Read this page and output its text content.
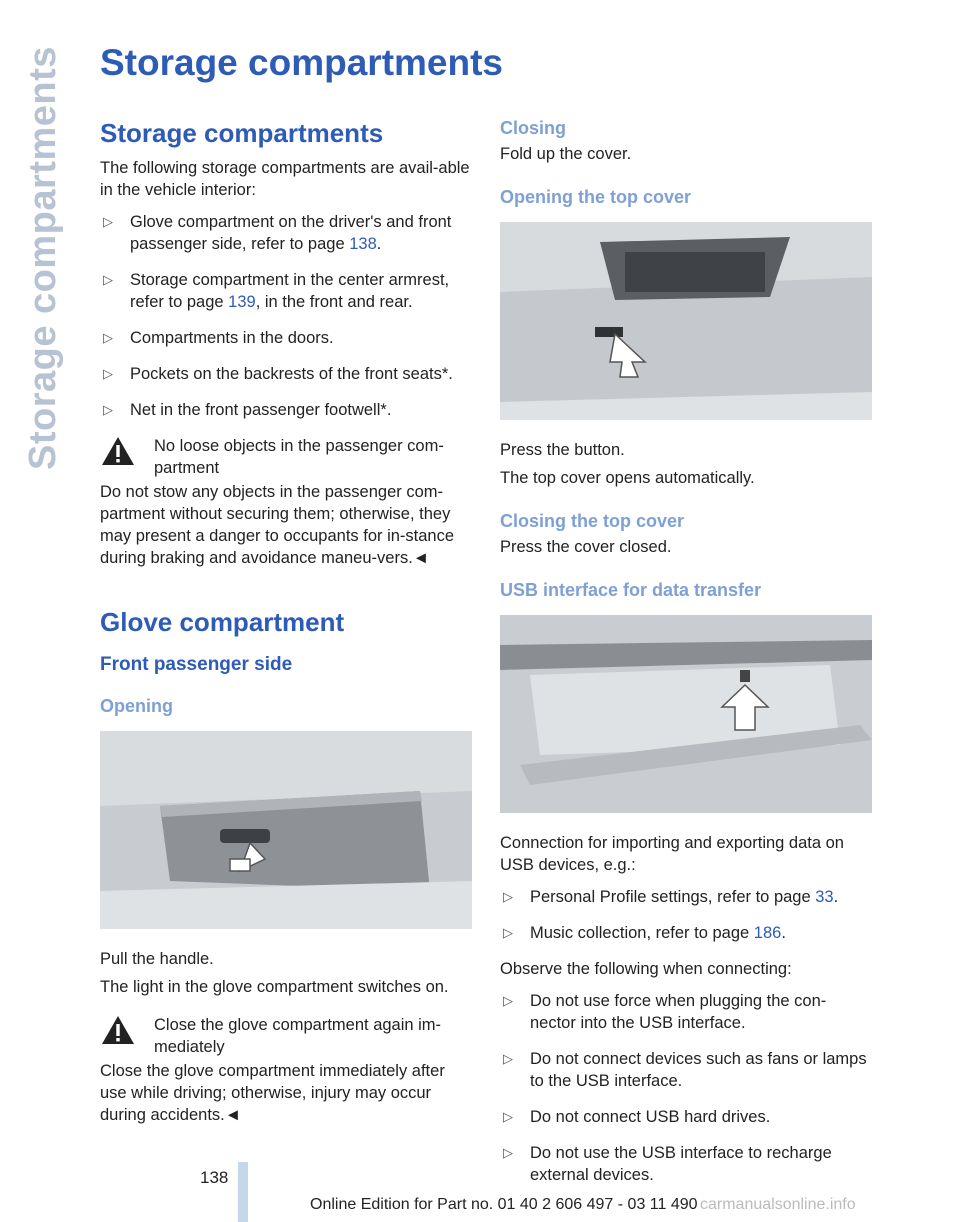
Storage compartments Storage compartments
Storage compartments

The following storage compartments are avail-able in the vehicle interior:

▷ Glove compartment on the driver's and front passenger side, refer to page 138.
▷ Storage compartment in the center armrest, refer to page 139, in the front and rear.
▷ Compartments in the doors.
▷ Pockets on the backrests of the front seats*.
▷ Net in the front passenger footwell*.
No loose objects in the passenger com-partment

Do not stow any objects in the passenger com-partment without securing them; otherwise, they may present a danger to occupants for in-stance during braking and avoidance maneu-vers.◄

Glove compartment
Front passenger side
Opening

Pull the handle.

The light in the glove compartment switches on.

Close the glove compartment again im-mediately

Close the glove compartment immediately after use while driving; otherwise, injury may occur during accidents.◄

Closing

Fold up the cover.

Opening the top cover

Press the button.

The top cover opens automatically.

Closing the top cover

Press the cover closed.

USB interface for data transfer

Connection for importing and exporting data on USB devices, e.g.:

▷ Personal Profile settings, refer to page 33.
▷ Music collection, refer to page 186.

Observe the following when connecting:

▷ Do not use force when plugging the con-nector into the USB interface.
▷ Do not connect devices such as fans or lamps to the USB interface.
▷ Do not connect USB hard drives.
▷ Do not use the USB interface to recharge external devices.
138
Online Edition for Part no. 01 40 2 606 497 - 03 11 490 carmanualsonline.info
